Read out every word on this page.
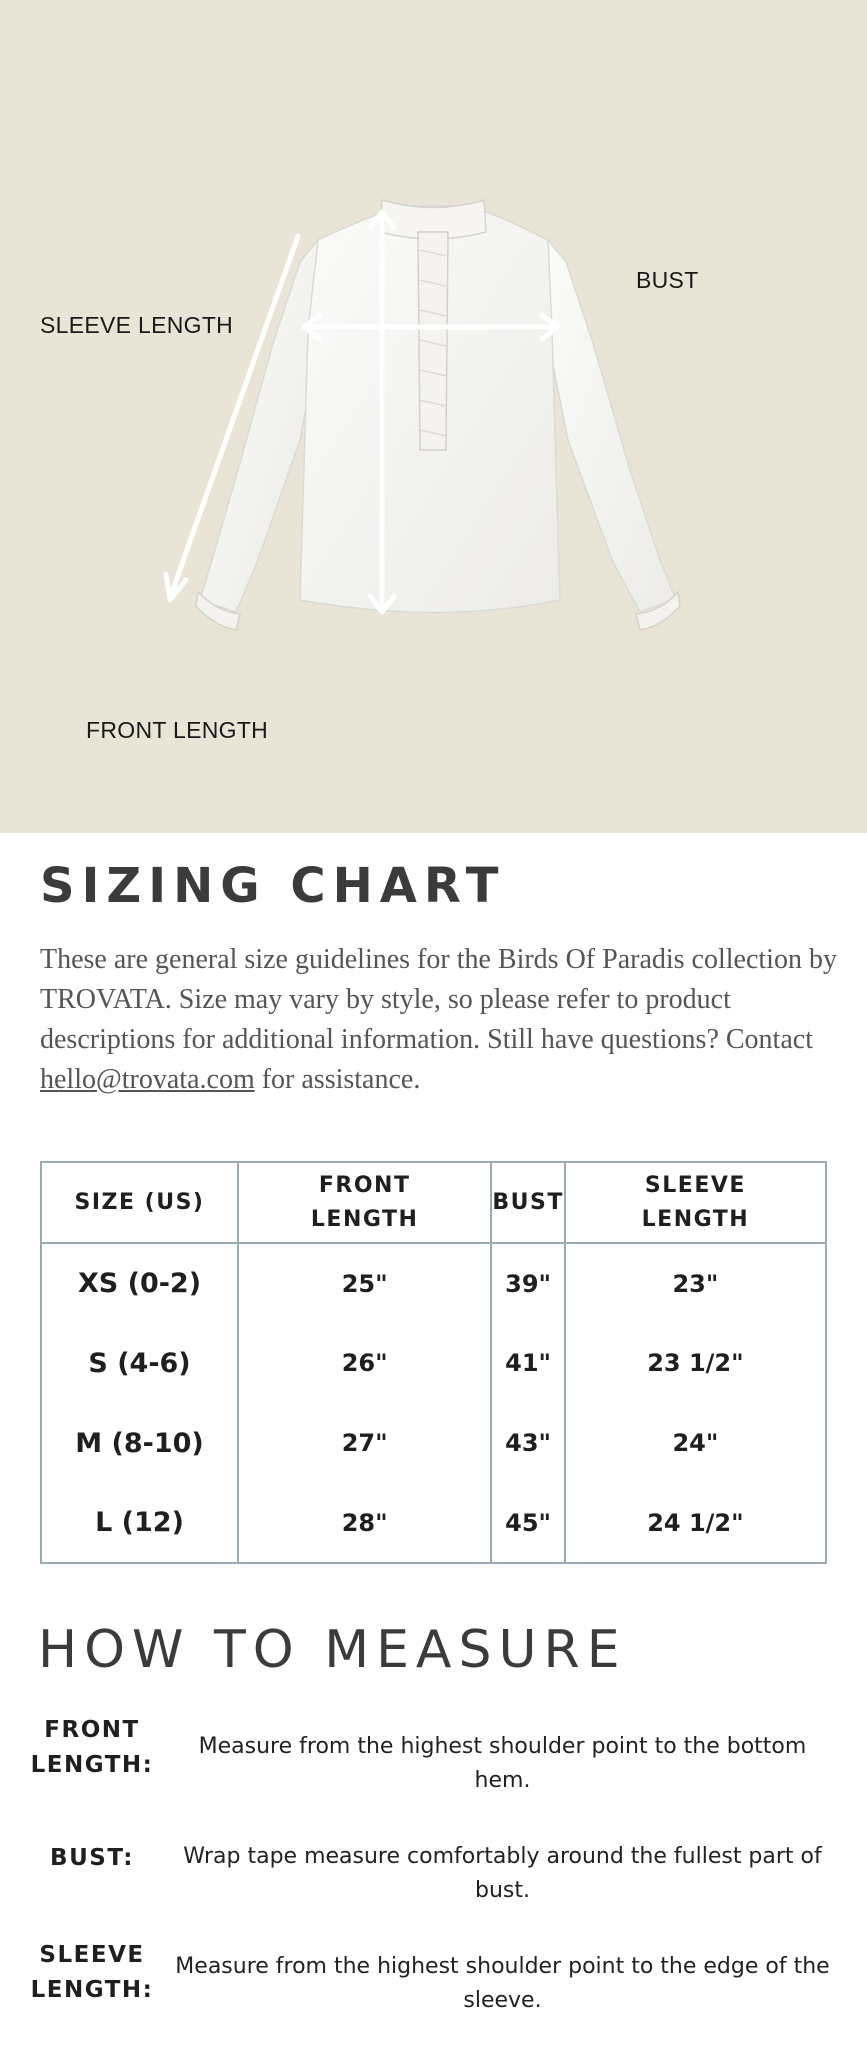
SLEEVE LENGTH
BUST
FRONT LENGTH
SIZING CHART

These are general size guidelines for the Birds Of Paradis collection by TROVATA. Size may vary by style, so please refer to product descriptions for additional information. Still have questions? Contact hello@trovata.com for assistance.

SIZE (US)	FRONT LENGTH	BUST	SLEEVE LENGTH
XS (0-2)	25"	39"	23"
S (4-6)	26"	41"	23 1/2"
M (8-10)	27"	43"	24"
L (12)	28"	45"	24 1/2"
HOW TO MEASURE
FRONT LENGTH:
Measure from the highest shoulder point to the bottom hem.
BUST:	Wrap tape measure comfortably around the fullest part of bust.
SLEEVE LENGTH:
Measure from the highest shoulder point to the edge of the sleeve.
